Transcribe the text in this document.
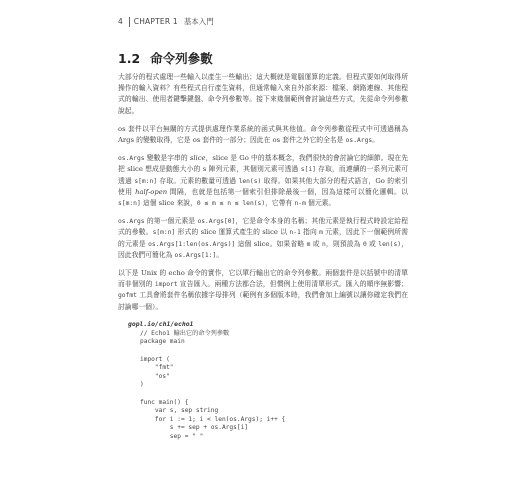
4 CHAPTER 1 基本入門
1.2 命令列參數

大部分的程式處理一些輸入以產生一些輸出；這大概就是電腦運算的定義。但程式要如何取得所操作的輸入資料？有些程式自行產生資料，但通常輸入來自外部來源：檔案、網路連線、其他程式的輸出、使用者鍵擊鍵盤、命令列參數等。接下來幾個範例會討論這些方式，先從命令列參數說起。

os 套件以平台無關的方式提供處理作業系統的函式與其他值。命令列參數從程式中可透過稱為 Args 的變數取得，它是 os 套件的一部分；因此在 os 套件之外它的全名是 os.Args。

os.Args 變數是字串的 slice，slice 是 Go 中的基本概念，我們很快的會討論它的細節。現在先把 slice 想成是動態大小的 s 陣列元素，其個別元素可透過 s[i] 存取，而連續的一系列元素可透過 s[m:n] 存取。元素的數量可透過 len(s) 取得。如果其他大部分的程式語言，Go 的索引使用 half-open 間隔，也就是包括第一個索引但排除最後一個，因為這樣可以簡化邏輯。以 s[m:n] 這個 slice 來說，0 ≤ m ≤ n ≤ len(s)，它帶有 n-m 個元素。

os.Args 的第一個元素是 os.Args[0]，它是命令本身的名稱；其他元素是執行程式時設定給程式的參數。s[m:n] 形式的 slice 運算式產生的 slice 以 n-1 指向 m 元素，因此下一個範例所需的元素是 os.Args[1:len(os.Args)] 這個 slice。如果省略 m 或 n，則預設為 0 或 len(s)，因此我們可簡化為 os.Args[1:]。

以下是 Unix 的 echo 命令的實作，它以單行輸出它的命令列參數。兩個套件是以括號中的清單而非個別的 import 宣告匯入。兩種方法都合法，但慣例上使用清單形式。匯入的順序無影響；gofmt 工具會將套件名稱依據字母排列（範例有多個版本時，我們會加上編號以讓你確定我們在討論哪一個）。

gopl.io/ch1/echo1
// Echo1 輸出它的命令列參數
package main

import (
"fmt"
"os"
)

func main() {
var s, sep string
for i := 1; i < len(os.Args); i++ {
s += sep + os.Args[i]
sep = " "
